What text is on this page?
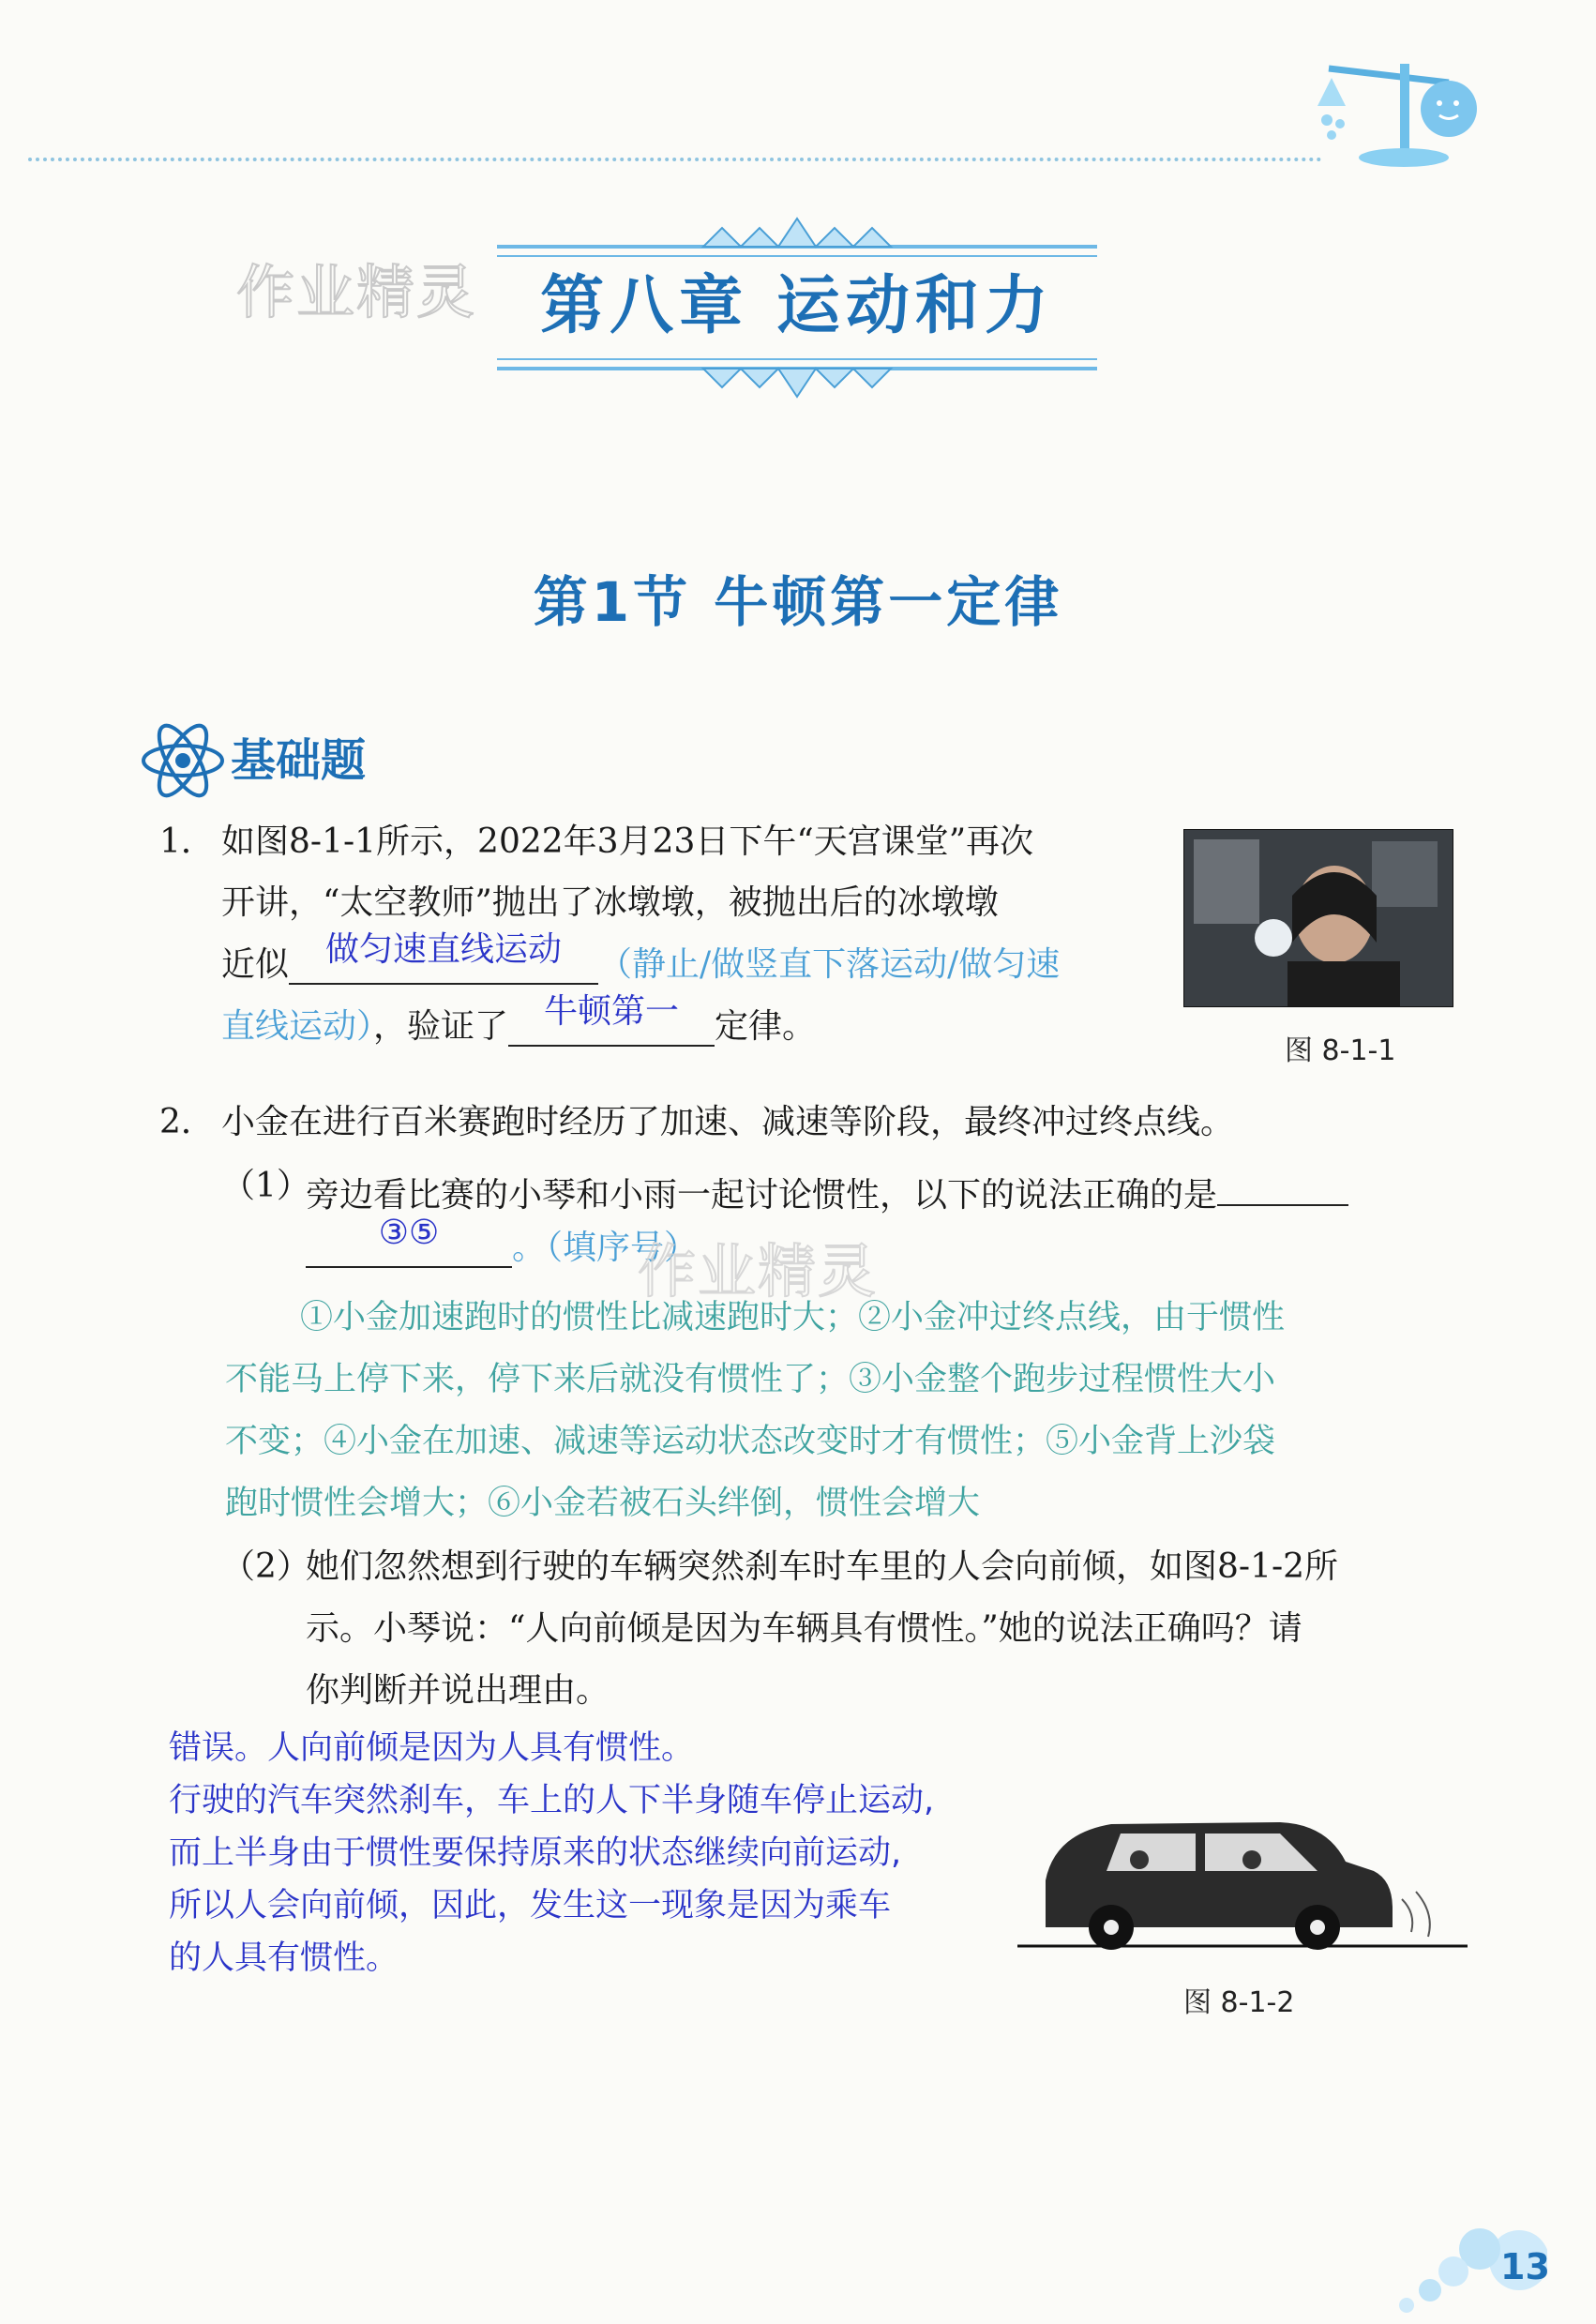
作业精灵	第八章 运动和力
第1节 牛顿第一定律
基础题
1． 如图8-1-1所示，2022年3月23日下午“天宫课堂”再次
开讲，“太空教师”抛出了冰墩墩，被抛出后的冰墩墩
近似 做匀速直线运动 （静止/做竖直下落运动/做匀速
直线运动），验证了 牛顿第一 定律。
图 8-1-1
2． 小金在进行百米赛跑时经历了加速、减速等阶段，最终冲过终点线。
（1）
旁边看比赛的小琴和小雨一起讨论惯性，以下的说法正确的是
③⑤ 。（填序号）
作业精灵
①小金加速跑时的惯性比减速跑时大；②小金冲过终点线，由于惯性
不能马上停下来，停下来后就没有惯性了；③小金整个跑步过程惯性大小
不变；④小金在加速、减速等运动状态改变时才有惯性；⑤小金背上沙袋
跑时惯性会增大；⑥小金若被石头绊倒，惯性会增大
（2）
她们忽然想到行驶的车辆突然刹车时车里的人会向前倾，如图8-1-2所
示。小琴说：“人向前倾是因为车辆具有惯性。”她的说法正确吗？请
你判断并说出理由。
错误。人向前倾是因为人具有惯性。
行驶的汽车突然刹车，车上的人下半身随车停止运动,
而上半身由于惯性要保持原来的状态继续向前运动,
所以人会向前倾，因此，发生这一现象是因为乘车
的人具有惯性。
图 8-1-2
13
